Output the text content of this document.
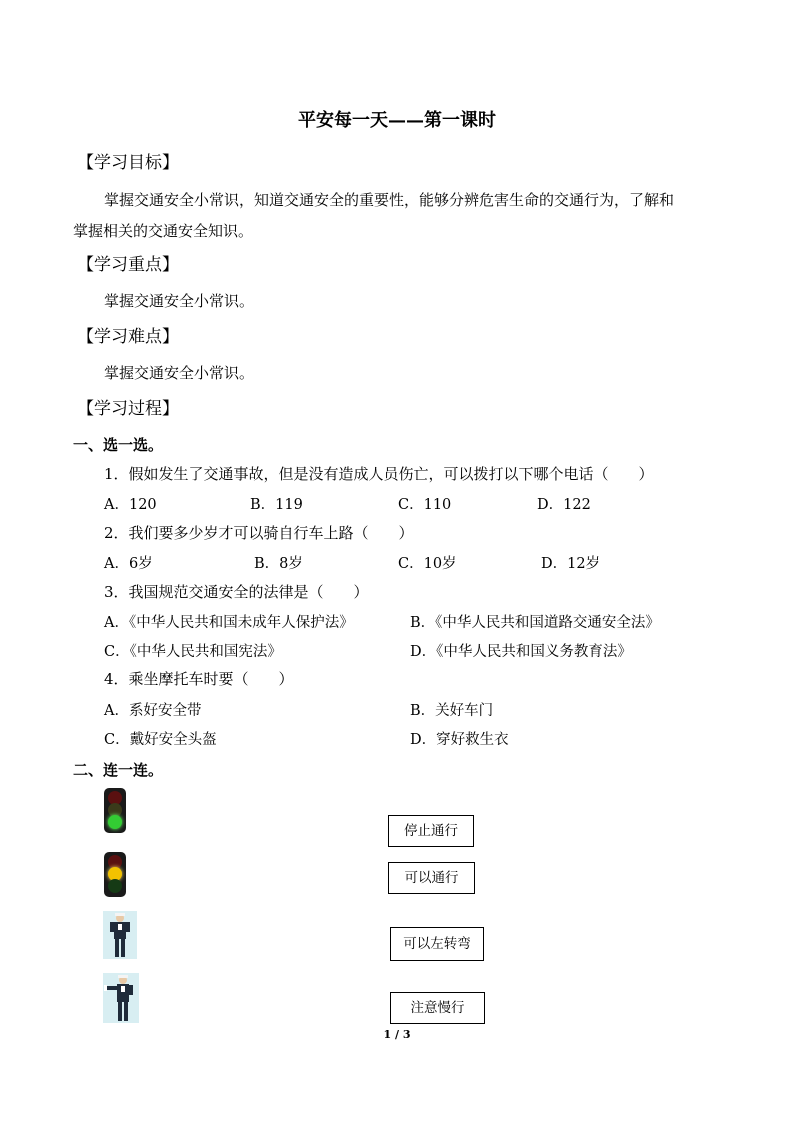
平安每一天——第一课时
【学习目标】
掌握交通安全小常识，知道交通安全的重要性，能够分辨危害生命的交通行为，了解和
掌握相关的交通安全知识。
【学习重点】
掌握交通安全小常识。
【学习难点】
掌握交通安全小常识。
【学习过程】
一、选一选。
1．假如发生了交通事故，但是没有造成人员伤亡，可以拨打以下哪个电话（　　）
A．120	B．119	C．110	D．122
2．我们要多少岁才可以骑自行车上路（　　）
A．6岁	B．8岁	C．10岁	D．12岁
3．我国规范交通安全的法律是（　　）
A．《中华人民共和国未成年人保护法》	B．《中华人民共和国道路交通安全法》
C．《中华人民共和国宪法》	D．《中华人民共和国义务教育法》
4．乘坐摩托车时要（　　）
A．系好安全带	B．关好车门
C．戴好安全头盔	D．穿好救生衣
二、连一连。
停止通行
可以通行
可以左转弯
注意慢行
1 / 3
